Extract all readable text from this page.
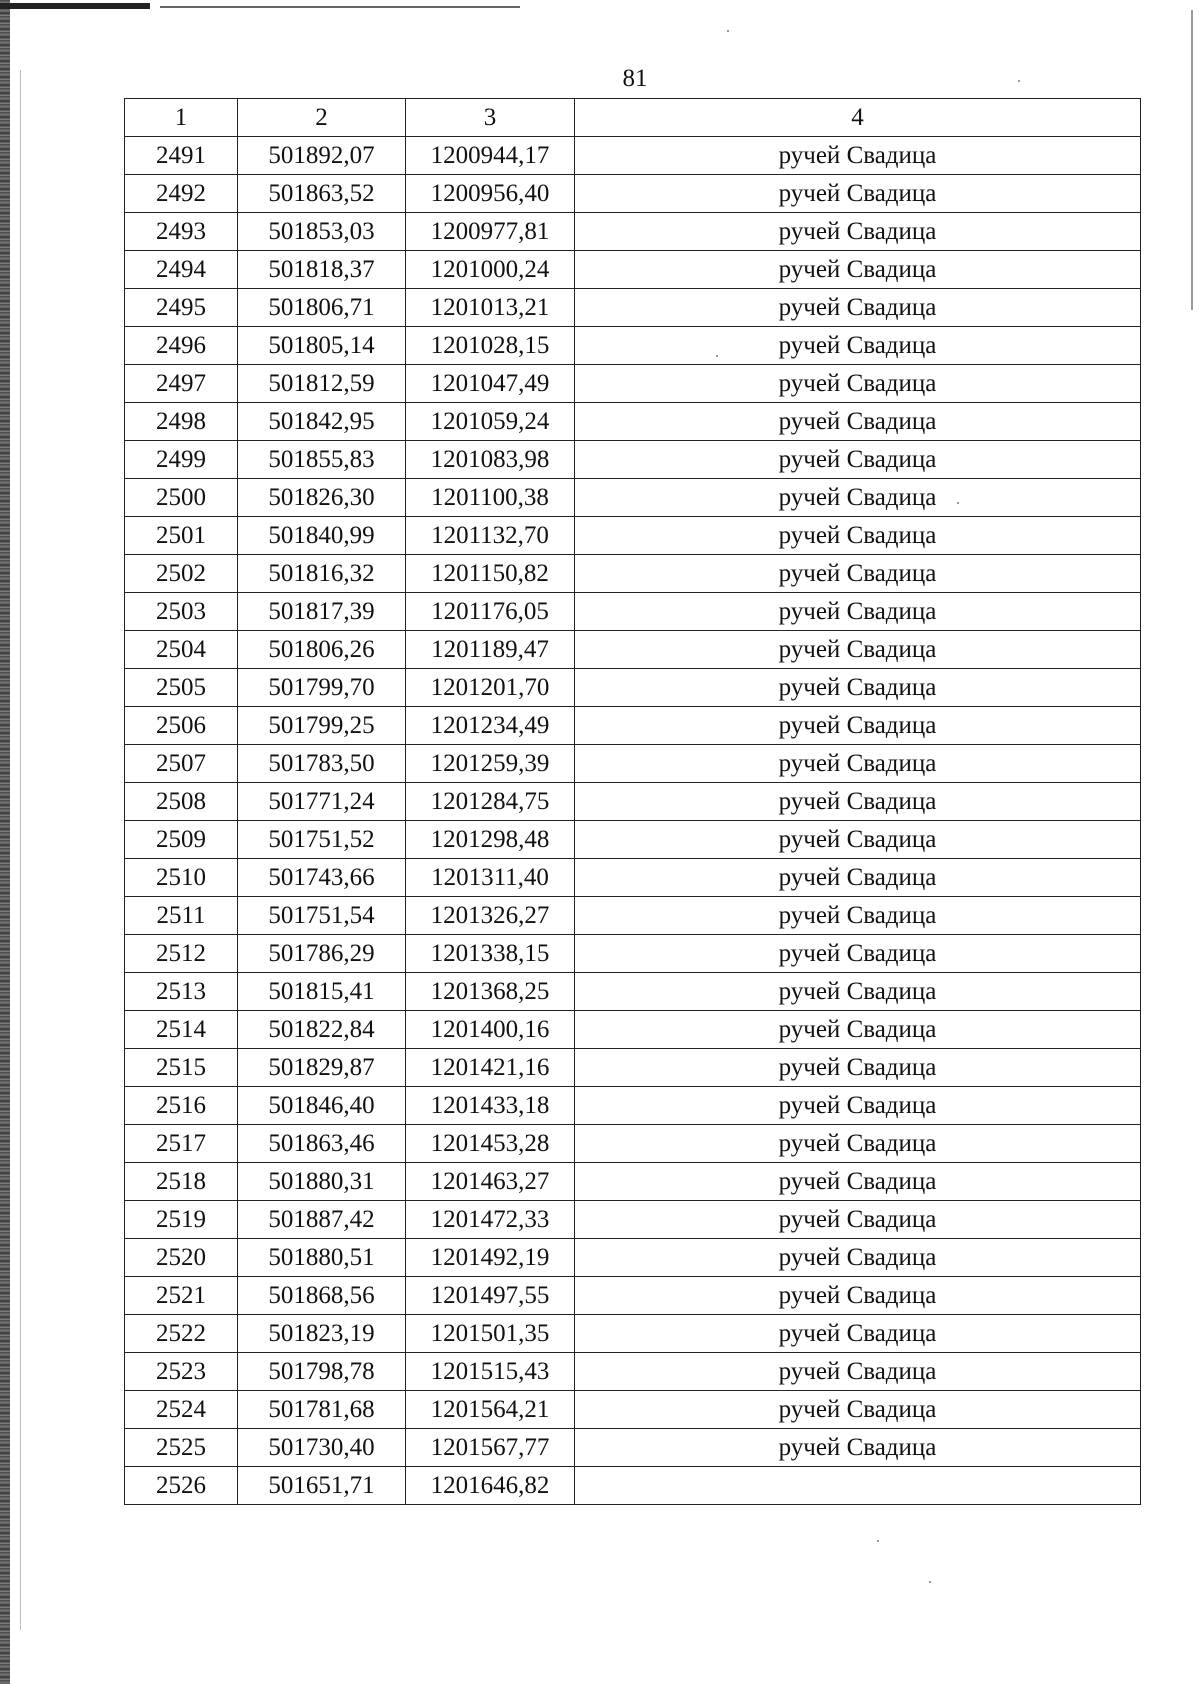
81
1	2	3	4
2491	501892,07	1200944,17	ручей Свадица
2492	501863,52	1200956,40	ручей Свадица
2493	501853,03	1200977,81	ручей Свадица
2494	501818,37	1201000,24	ручей Свадица
2495	501806,71	1201013,21	ручей Свадица
2496	501805,14	1201028,15	ручей Свадица
2497	501812,59	1201047,49	ручей Свадица
2498	501842,95	1201059,24	ручей Свадица
2499	501855,83	1201083,98	ручей Свадица
2500	501826,30	1201100,38	ручей Свадица
2501	501840,99	1201132,70	ручей Свадица
2502	501816,32	1201150,82	ручей Свадица
2503	501817,39	1201176,05	ручей Свадица
2504	501806,26	1201189,47	ручей Свадица
2505	501799,70	1201201,70	ручей Свадица
2506	501799,25	1201234,49	ручей Свадица
2507	501783,50	1201259,39	ручей Свадица
2508	501771,24	1201284,75	ручей Свадица
2509	501751,52	1201298,48	ручей Свадица
2510	501743,66	1201311,40	ручей Свадица
2511	501751,54	1201326,27	ручей Свадица
2512	501786,29	1201338,15	ручей Свадица
2513	501815,41	1201368,25	ручей Свадица
2514	501822,84	1201400,16	ручей Свадица
2515	501829,87	1201421,16	ручей Свадица
2516	501846,40	1201433,18	ручей Свадица
2517	501863,46	1201453,28	ручей Свадица
2518	501880,31	1201463,27	ручей Свадица
2519	501887,42	1201472,33	ручей Свадица
2520	501880,51	1201492,19	ручей Свадица
2521	501868,56	1201497,55	ручей Свадица
2522	501823,19	1201501,35	ручей Свадица
2523	501798,78	1201515,43	ручей Свадица
2524	501781,68	1201564,21	ручей Свадица
2525	501730,40	1201567,77	ручей Свадица
2526	501651,71	1201646,82	
